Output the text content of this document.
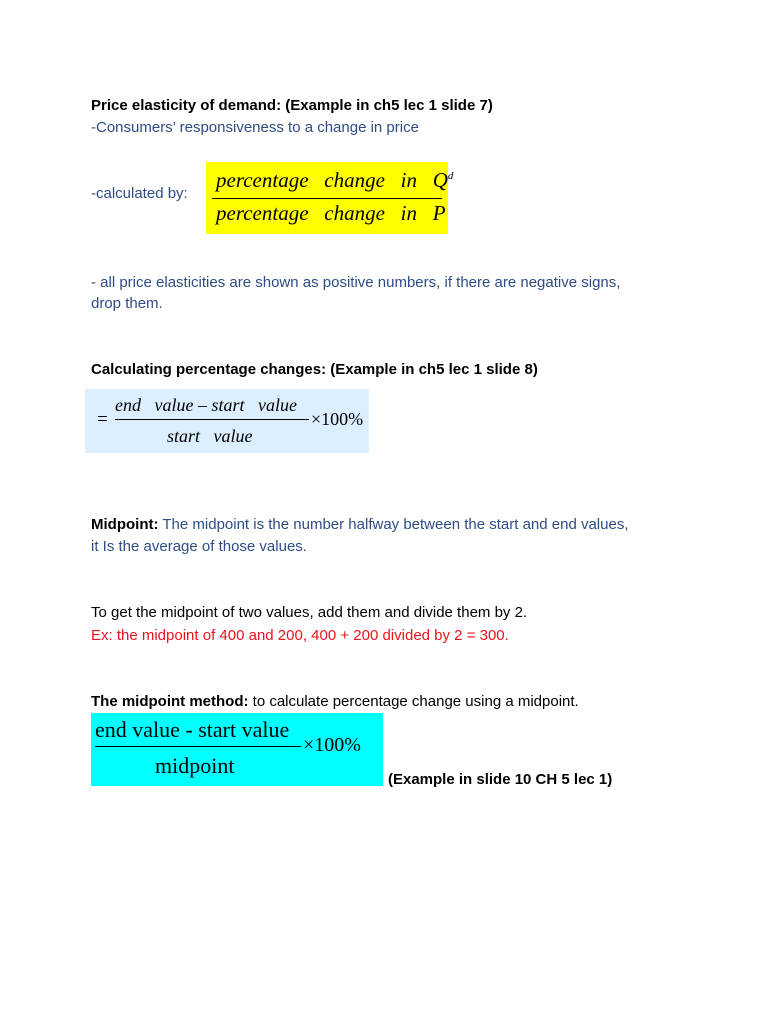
Price elasticity of demand: (Example in ch5 lec 1 slide 7)
-Consumers’ responsiveness to a change in price
-calculated by:
percentage   change   in   $Q^d$
percentage   change   in   P
- all price elasticities are shown as positive numbers, if there are negative signs,
drop them.
Calculating percentage changes: (Example in ch5 lec 1 slide 8)
=
end   value – start   value
start   value
×100%
Midpoint: The midpoint is the number halfway between the start and end values,
it Is the average of those values.
To get the midpoint of two values, add them and divide them by 2.
Ex: the midpoint of 400 and 200, 400 + 200 divided by 2 = 300.
The midpoint method: to calculate percentage change using a midpoint.
end value - start value
midpoint
×100%
(Example in slide 10 CH 5 lec 1)
